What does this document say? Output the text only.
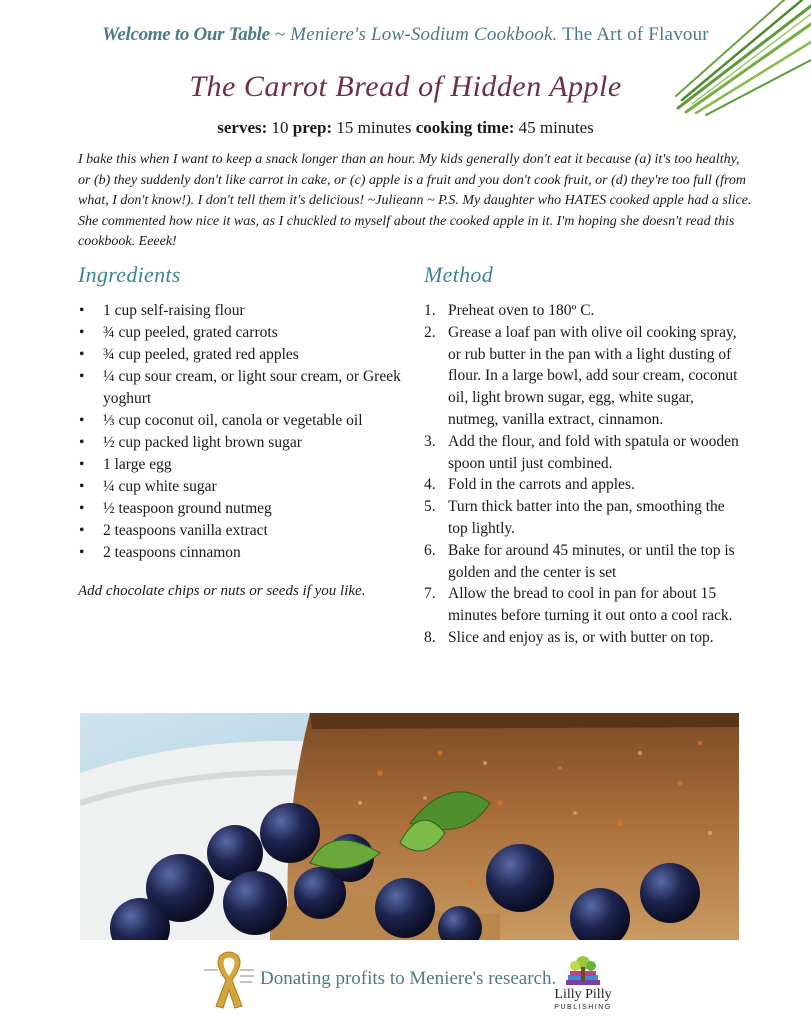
Welcome to Our Table ~ Meniere's Low-Sodium Cookbook. The Art of Flavour
The Carrot Bread of Hidden Apple
serves: 10 prep: 15 minutes cooking time: 45 minutes
I bake this when I want to keep a snack longer than an hour. My kids generally don't eat it because (a) it's too healthy, or (b) they suddenly don't like carrot in cake, or (c) apple is a fruit and you don't cook fruit, or (d) they're too full (from what, I don't know!). I don't tell them it's delicious! ~Julieann ~ P.S. My daughter who HATES cooked apple had a slice. She commented how nice it was, as I chuckled to myself about the cooked apple in it. I'm hoping she doesn't read this cookbook. Eeeek!
Ingredients	Method
• 1 cup self-raising flour
• ¾ cup peeled, grated carrots
• ¾ cup peeled, grated red apples
• ¼ cup sour cream, or light sour cream, or Greek yoghurt
• ⅓ cup coconut oil, canola or vegetable oil
• ½ cup packed light brown sugar
• 1 large egg
• ¼ cup white sugar
• ½ teaspoon ground nutmeg
• 2 teaspoons vanilla extract
• 2 teaspoons cinnamon
Add chocolate chips or nuts or seeds if you like.
1. Preheat oven to 180º C.
2. Grease a loaf pan with olive oil cooking spray, or rub butter in the pan with a light dusting of flour. In a large bowl, add sour cream, coconut oil, light brown sugar, egg, white sugar, nutmeg, vanilla extract, cinnamon.
3. Add the flour, and fold with spatula or wooden spoon until just combined.
4. Fold in the carrots and apples.
5. Turn thick batter into the pan, smoothing the top lightly.
6. Bake for around 45 minutes, or until the top is golden and the center is set
7. Allow the bread to cool in pan for about 15 minutes before turning it out onto a cool rack.
8. Slice and enjoy as is, or with butter on top.
Donating profits to Meniere's research.
Lilly Pilly
PUBLISHING
